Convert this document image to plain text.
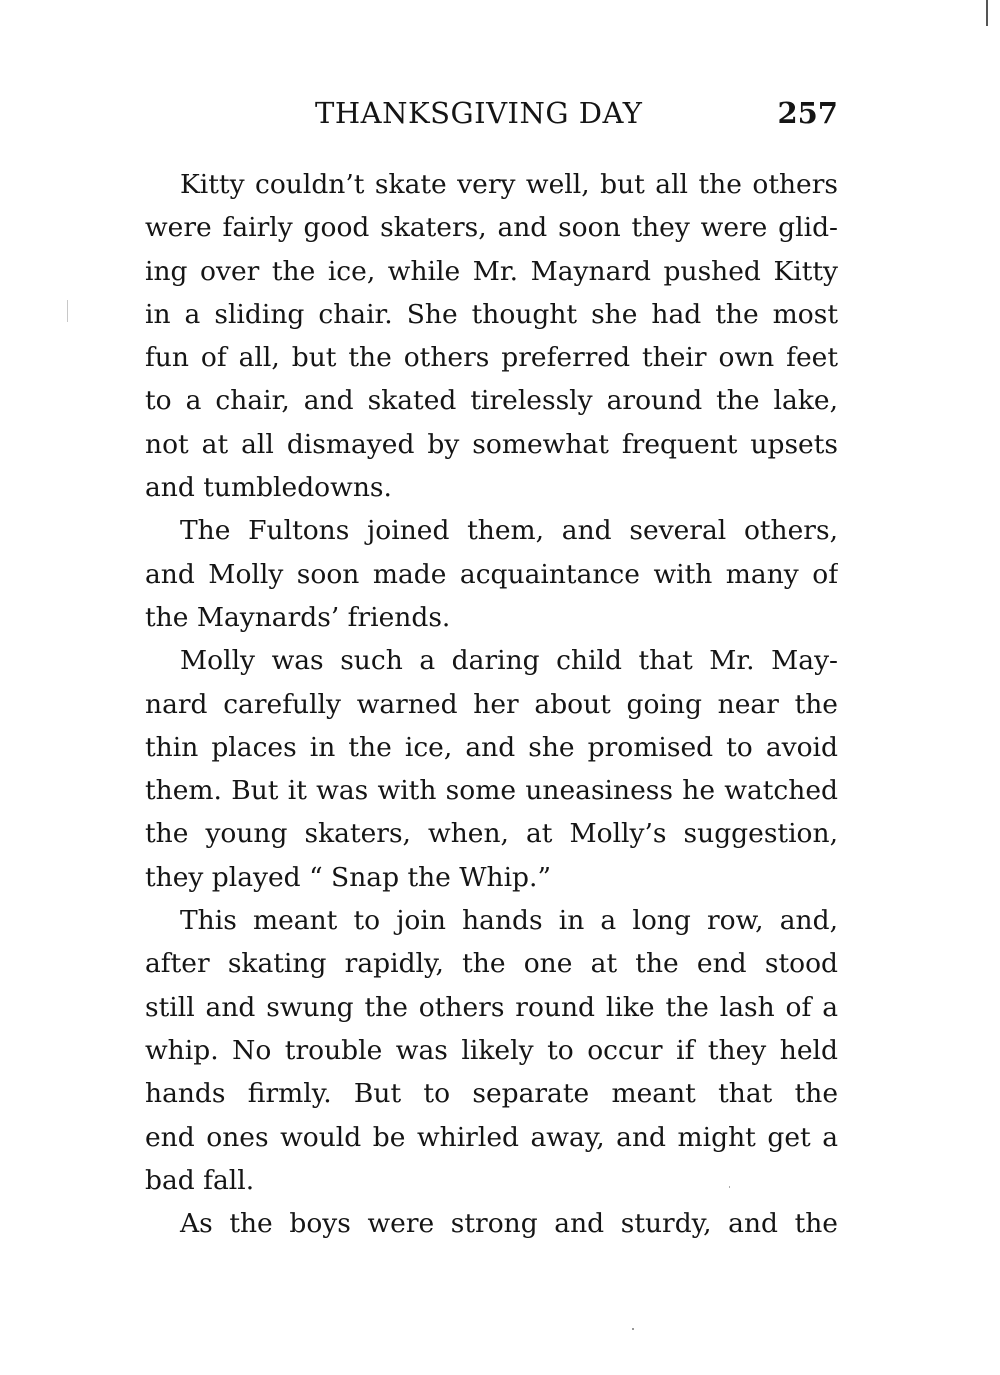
THANKSGIVING DAY	257
Kitty couldn’t skate very well, but all the others
were fairly good skaters, and soon they were glid-
ing over the ice, while Mr. Maynard pushed Kitty
in a sliding chair. She thought she had the most
fun of all, but the others preferred their own feet
to a chair, and skated tirelessly around the lake,
not at all dismayed by somewhat frequent upsets
and tumbledowns.
The Fultons joined them, and several others,
and Molly soon made acquaintance with many of
the Maynards’ friends.
Molly was such a daring child that Mr. May-
nard carefully warned her about going near the
thin places in the ice, and she promised to avoid
them. But it was with some uneasiness he watched
the young skaters, when, at Molly’s suggestion,
they played “ Snap the Whip.”
This meant to join hands in a long row, and,
after skating rapidly, the one at the end stood
still and swung the others round like the lash of a
whip. No trouble was likely to occur if they held
hands firmly. But to separate meant that the
end ones would be whirled away, and might get a
bad fall.
As the boys were strong and sturdy, and the
